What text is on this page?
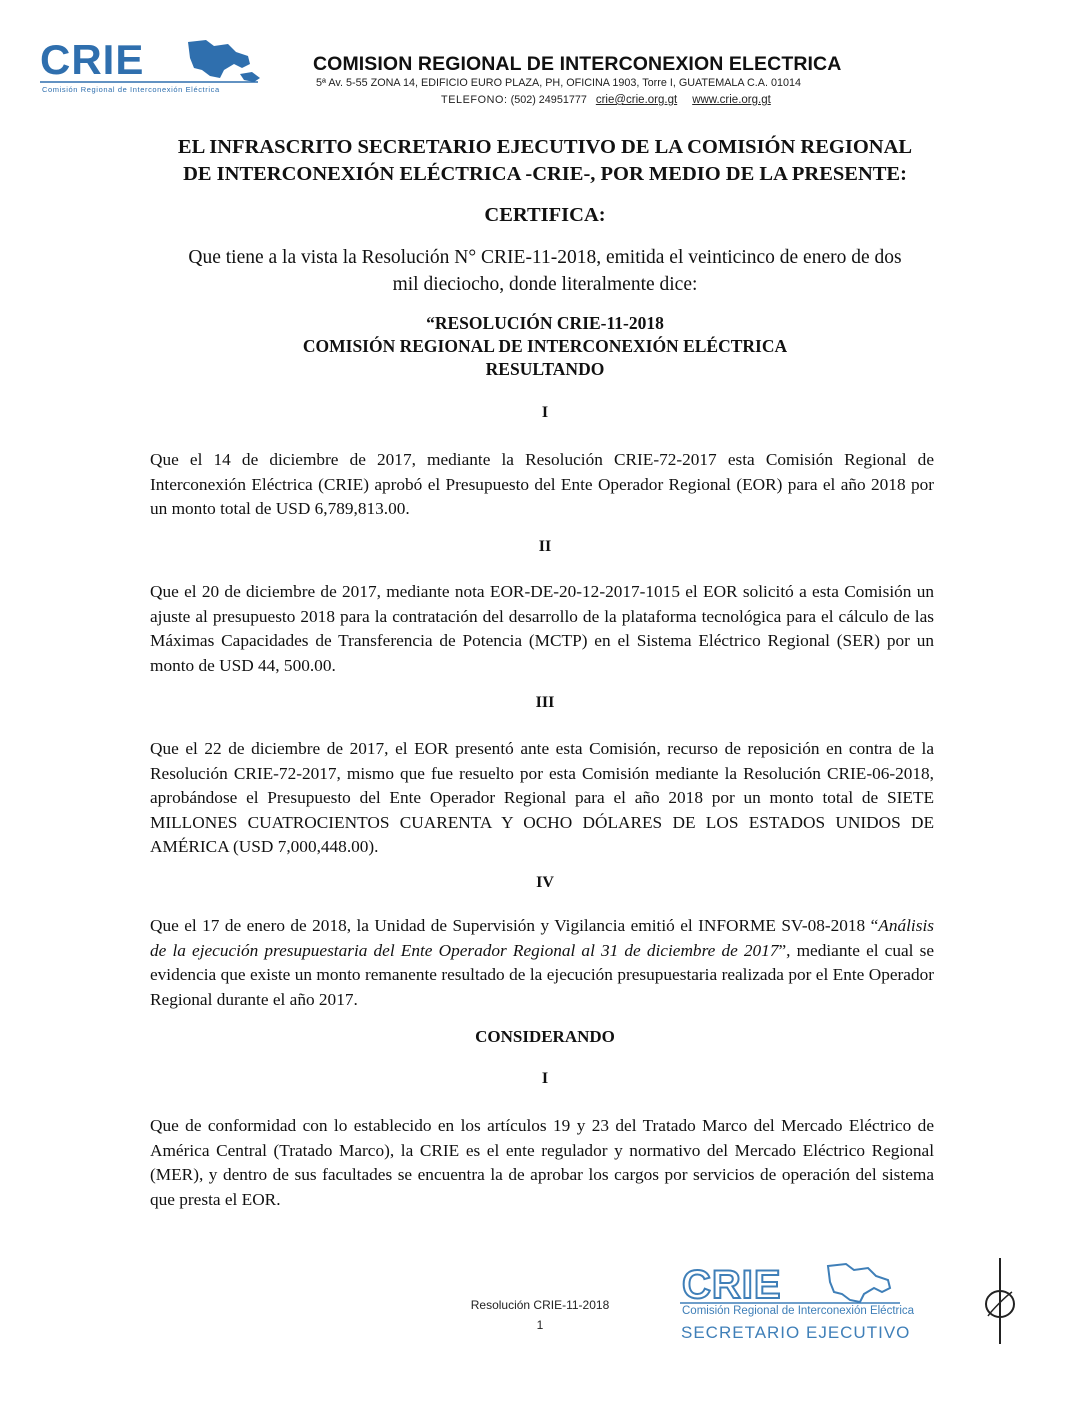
CRIE
Comisión Regional de Interconexión Eléctrica
COMISION REGIONAL DE INTERCONEXION ELECTRICA
5ª Av. 5-55 ZONA 14, EDIFICIO EURO PLAZA, PH, OFICINA 1903, Torre I, GUATEMALA C.A. 01014
TELEFONO: (502) 24951777 crie@crie.org.gt www.crie.org.gt
EL INFRASCRITO SECRETARIO EJECUTIVO DE LA COMISIÓN REGIONAL
DE INTERCONEXIÓN ELÉCTRICA -CRIE-, POR MEDIO DE LA PRESENTE:
CERTIFICA:
Que tiene a la vista la Resolución N° CRIE-11-2018, emitida el veinticinco de enero de dos
mil dieciocho, donde literalmente dice:
“RESOLUCIÓN CRIE-11-2018
COMISIÓN REGIONAL DE INTERCONEXIÓN ELÉCTRICA
RESULTANDO
I
Que el 14 de diciembre de 2017, mediante la Resolución CRIE-72-2017 esta Comisión Regional de Interconexión Eléctrica (CRIE) aprobó el Presupuesto del Ente Operador Regional (EOR) para el año 2018 por un monto total de USD 6,789,813.00.
II
Que el 20 de diciembre de 2017, mediante nota EOR-DE-20-12-2017-1015 el EOR solicitó a esta Comisión un ajuste al presupuesto 2018 para la contratación del desarrollo de la plataforma tecnológica para el cálculo de las Máximas Capacidades de Transferencia de Potencia (MCTP) en el Sistema Eléctrico Regional (SER) por un monto de USD 44, 500.00.
III
Que el 22 de diciembre de 2017, el EOR presentó ante esta Comisión, recurso de reposición en contra de la Resolución CRIE-72-2017, mismo que fue resuelto por esta Comisión mediante la Resolución CRIE-06-2018, aprobándose el Presupuesto del Ente Operador Regional para el año 2018 por un monto total de SIETE MILLONES CUATROCIENTOS CUARENTA Y OCHO DÓLARES DE LOS ESTADOS UNIDOS DE AMÉRICA (USD 7,000,448.00).
IV
Que el 17 de enero de 2018, la Unidad de Supervisión y Vigilancia emitió el INFORME SV-08-2018 “Análisis de la ejecución presupuestaria del Ente Operador Regional al 31 de diciembre de 2017”, mediante el cual se evidencia que existe un monto remanente resultado de la ejecución presupuestaria realizada por el Ente Operador Regional durante el año 2017.
CONSIDERANDO
I
Que de conformidad con lo establecido en los artículos 19 y 23 del Tratado Marco del Mercado Eléctrico de América Central (Tratado Marco), la CRIE es el ente regulador y normativo del Mercado Eléctrico Regional (MER), y dentro de sus facultades se encuentra la de aprobar los cargos por servicios de operación del sistema que presta el EOR.
Resolución CRIE-11-2018
1
CRIE
Comisión Regional de Interconexión Eléctrica
SECRETARIO EJECUTIVO
